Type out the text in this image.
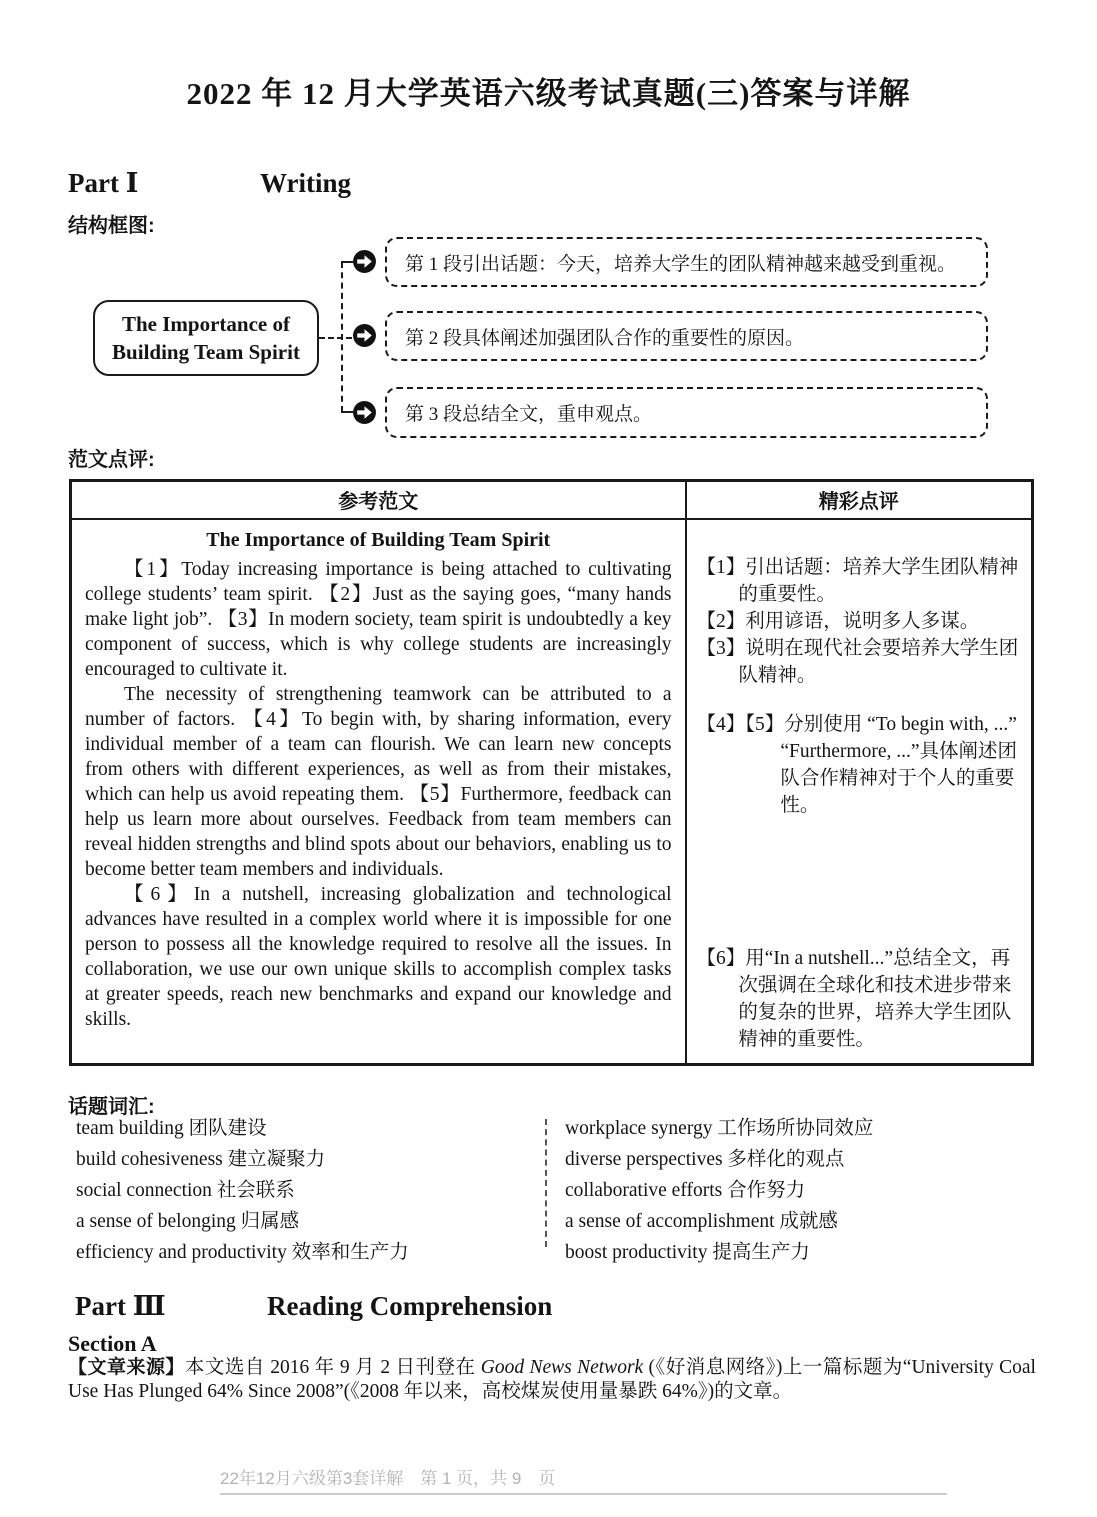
2022 年 12 月大学英语六级考试真题(三)答案与详解
Part Ⅰ	Writing
结构框图:
The Importance of Building Team Spirit
第 1 段引出话题：今天，培养大学生的团队精神越来越受到重视。
第 2 段具体阐述加强团队合作的重要性的原因。
第 3 段总结全文，重申观点。
范文点评:
参考范文	精彩点评

The Importance of Building Team Spirit

【1】Today increasing importance is being attached to cultivating college students’ team spirit. 【2】Just as the saying goes, “many hands make light job”. 【3】In modern society, team spirit is undoubtedly a key component of success, which is why college students are increasingly encouraged to cultivate it.

The necessity of strengthening teamwork can be attributed to a number of factors. 【4】To begin with, by sharing information, every individual member of a team can flourish. We can learn new concepts from others with different experiences, as well as from their mistakes, which can help us avoid repeating them. 【5】Furthermore, feedback can help us learn more about ourselves. Feedback from team members can reveal hidden strengths and blind spots about our behaviors, enabling us to become better team members and individuals.

【6】In a nutshell, increasing globalization and technological advances have resulted in a complex world where it is impossible for one person to possess all the knowledge required to resolve all the issues. In collaboration, we use our own unique skills to accomplish complex tasks at greater speeds, reach new benchmarks and expand our knowledge and skills.

【1】引出话题：培养大学生团队精神的重要性。
【2】利用谚语，说明多人多谋。
【3】说明在现代社会要培养大学生团队精神。
【4】【5】分别使用 “To begin with, ...” “Furthermore, ...”具体阐述团队合作精神对于个人的重要性。
【6】用“In a nutshell...”总结全文，再次强调在全球化和技术进步带来的复杂的世界，培养大学生团队精神的重要性。
话题词汇:
team building 团队建设
build cohesiveness 建立凝聚力
social connection 社会联系
a sense of belonging 归属感
efficiency and productivity 效率和生产力
workplace synergy 工作场所协同效应
diverse perspectives 多样化的观点
collaborative efforts 合作努力
a sense of accomplishment 成就感
boost productivity 提高生产力
Part Ⅲ	Reading Comprehension
Section A

【文章来源】本文选自 2016 年 9 月 2 日刊登在 Good News Network (《好消息网络》)上一篇标题为“University Coal Use Has Plunged 64% Since 2008”(《2008 年以来，高校煤炭使用量暴跌 64%》)的文章。

22年12月六级第3套详解　第 1 页，共 9　页
